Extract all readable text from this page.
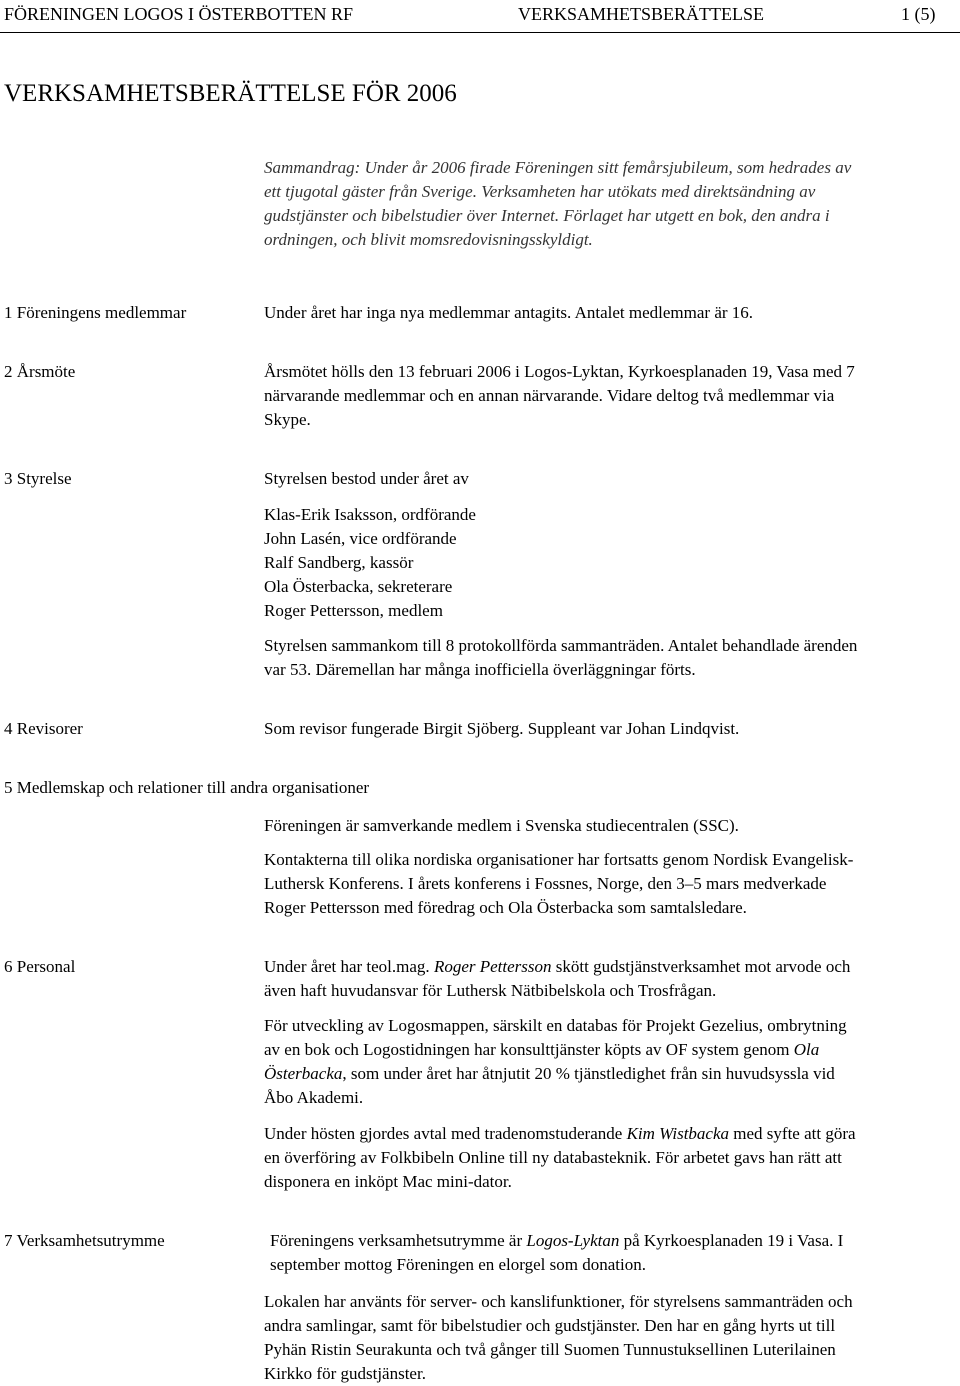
FÖRENINGEN LOGOS I ÖSTERBOTTEN RF	VERKSAMHETSBERÄTTELSE	1 (5)
VERKSAMHETSBERÄTTELSE FÖR 2006

Sammandrag: Under år 2006 firade Föreningen sitt femårsjubileum, som hedrades av

ett tjugotal gäster från Sverige. Verksamheten har utökats med direktsändning av

gudstjänster och bibelstudier över Internet. Förlaget har utgett en bok, den andra i

ordningen, och blivit momsredovisningsskyldigt.

1 Föreningens medlemmar	Under året har inga nya medlemmar antagits. Antalet medlemmar är 16.
2 Årsmöte	Årsmötet hölls den 13 februari 2006 i Logos-Lyktan, Kyrkoesplanaden 19, Vasa med 7

närvarande medlemmar och en annan närvarande. Vidare deltog två medlemmar via

Skype.

3 Styrelse	Styrelsen bestod under året av

Klas-Erik Isaksson, ordförande

John Lasén, vice ordförande

Ralf Sandberg, kassör

Ola Österbacka, sekreterare

Roger Pettersson, medlem

Styrelsen sammankom till 8 protokollförda sammanträden. Antalet behandlade ärenden

var 53. Däremellan har många inofficiella överläggningar förts.

4 Revisorer	Som revisor fungerade Birgit Sjöberg. Suppleant var Johan Lindqvist.
5 Medlemskap och relationer till andra organisationer
Föreningen är samverkande medlem i Svenska studiecentralen (SSC).

Kontakterna till olika nordiska organisationer har fortsatts genom Nordisk Evangelisk-

Luthersk Konferens. I årets konferens i Fossnes, Norge, den 3–5 mars medverkade

Roger Pettersson med föredrag och Ola Österbacka som samtalsledare.

6 Personal	Under året har teol.mag. Roger Pettersson skött gudstjänstverksamhet mot arvode och

även haft huvudansvar för Luthersk Nätbibelskola och Trosfrågan.

För utveckling av Logosmappen, särskilt en databas för Projekt Gezelius, ombrytning

av en bok och Logostidningen har konsulttjänster köpts av OF system genom Ola

Österbacka, som under året har åtnjutit 20 % tjänstledighet från sin huvudsyssla vid

Åbo Akademi.

Under hösten gjordes avtal med tradenomstuderande Kim Wistbacka med syfte att göra

en överföring av Folkbibeln Online till ny databasteknik. För arbetet gavs han rätt att

disponera en inköpt Mac mini-dator.

7 Verksamhetsutrymme	Föreningens verksamhetsutrymme är Logos-Lyktan på Kyrkoesplanaden 19 i Vasa. I

september mottog Föreningen en elorgel som donation.

Lokalen har använts för server- och kanslifunktioner, för styrelsens sammanträden och

andra samlingar, samt för bibelstudier och gudstjänster. Den har en gång hyrts ut till

Pyhän Ristin Seurakunta och två gånger till Suomen Tunnustuksellinen Luterilainen

Kirkko för gudstjänster.
